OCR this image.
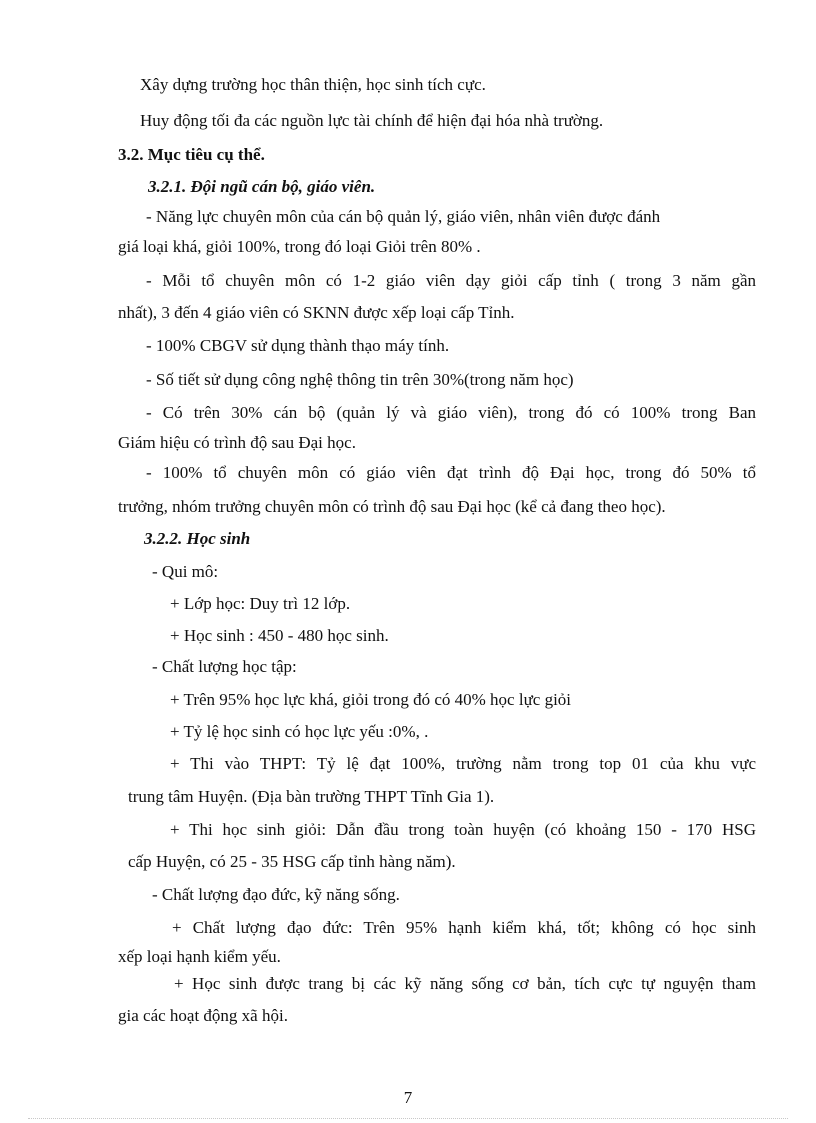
Xây dựng trường học thân thiện, học sinh tích cực.
Huy động tối đa các nguồn lực tài chính để hiện đại hóa nhà trường.
3.2. Mục tiêu cụ thể.
3.2.1. Đội ngũ cán bộ, giáo viên.
- Năng lực chuyên môn của cán bộ quản lý, giáo viên, nhân viên được đánh
giá loại khá, giỏi 100%, trong đó loại Giỏi trên 80% .
- Mỗi tổ chuyên môn có 1-2 giáo viên dạy giỏi cấp tỉnh ( trong 3 năm gần
nhất), 3 đến 4 giáo viên có SKNN được xếp loại cấp Tỉnh.
- 100% CBGV sử dụng thành thạo máy tính.
- Số tiết sử dụng công nghệ thông tin trên 30%(trong năm học)
- Có trên 30% cán bộ (quản lý và giáo viên), trong đó có 100% trong Ban
Giám hiệu có trình độ sau Đại học.
- 100% tổ chuyên môn có giáo viên đạt trình độ Đại học, trong đó 50% tổ
trưởng, nhóm trưởng chuyên môn có trình độ sau Đại học (kể cả đang theo học).
3.2.2. Học sinh
- Qui mô:
+ Lớp học: Duy trì 12 lớp.
+ Học sinh : 450 - 480 học sinh.
- Chất lượng học tập:
+ Trên 95% học lực khá, giỏi trong đó có 40% học lực giỏi
+ Tỷ lệ học sinh có học lực yếu :0%, .
+ Thi vào THPT: Tỷ lệ đạt 100%, trường nằm trong top 01 của khu vực
trung tâm Huyện. (Địa bàn trường THPT Tĩnh Gia 1).
+ Thi học sinh giỏi: Dẫn đầu trong toàn huyện (có khoảng 150 - 170 HSG
cấp Huyện, có 25 - 35 HSG cấp tỉnh hàng năm).
- Chất lượng đạo đức, kỹ năng sống.
+ Chất lượng đạo đức: Trên 95% hạnh kiểm khá, tốt; không có học sinh
xếp loại hạnh kiểm yếu.
+ Học sinh được trang bị các kỹ năng sống cơ bản, tích cực tự nguyện tham
gia các hoạt động xã hội.
7
